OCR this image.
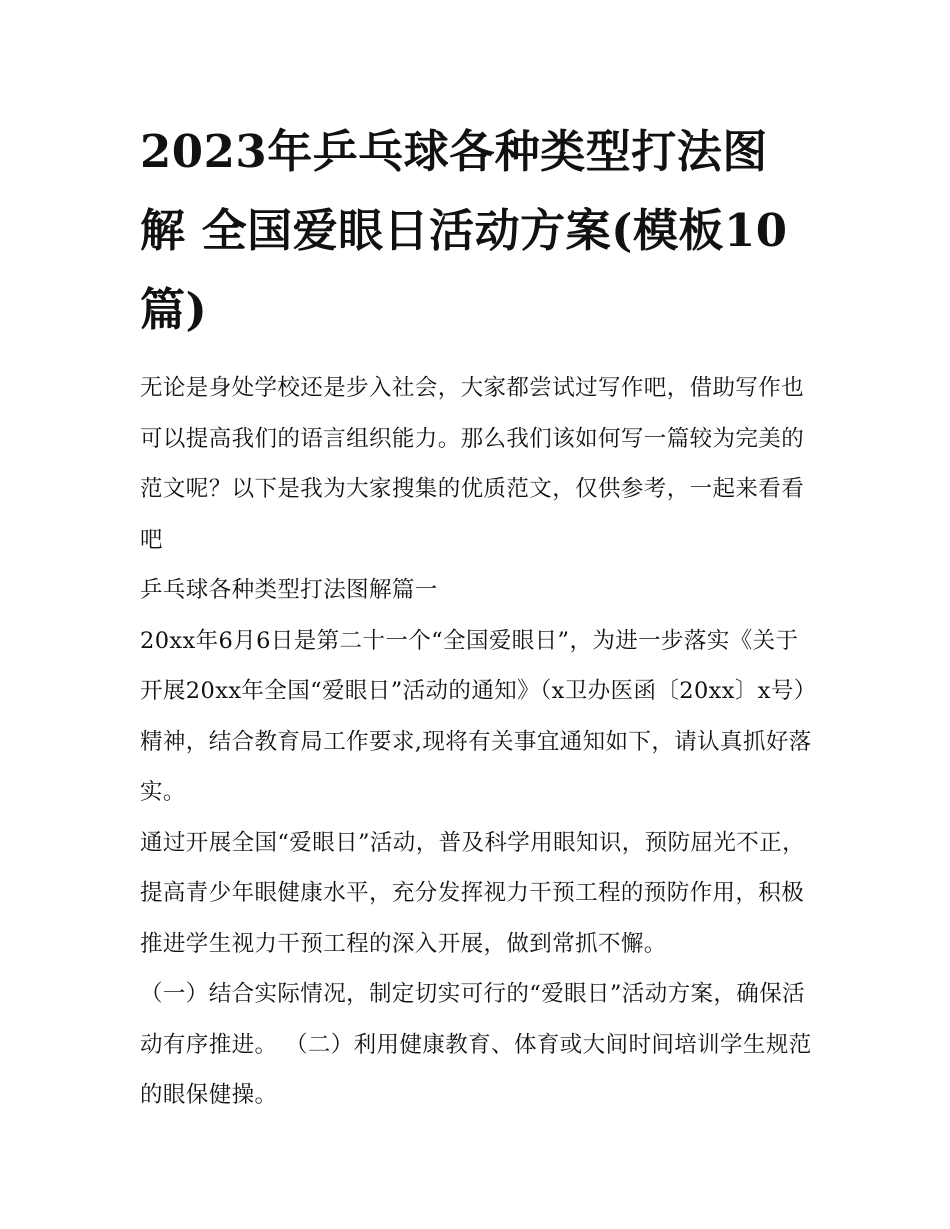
2023年乒乓球各种类型打法图解 全国爱眼日活动方案(模板10篇)

无论是身处学校还是步入社会，大家都尝试过写作吧，借助写作也可以提高我们的语言组织能力。那么我们该如何写一篇较为完美的范文呢？以下是我为大家搜集的优质范文，仅供参考，一起来看看吧

乒乓球各种类型打法图解篇一

20xx年6月6日是第二十一个“全国爱眼日”，为进一步落实《关于开展20xx年全国“爱眼日”活动的通知》（x卫办医函〔20xx〕x号）精神，结合教育局工作要求,现将有关事宜通知如下，请认真抓好落实。

通过开展全国“爱眼日”活动，普及科学用眼知识，预防屈光不正，提高青少年眼健康水平，充分发挥视力干预工程的预防作用，积极推进学生视力干预工程的深入开展，做到常抓不懈。

（一）结合实际情况，制定切实可行的“爱眼日”活动方案，确保活动有序推进。 （二）利用健康教育、体育或大间时间培训学生规范的眼保健操。
